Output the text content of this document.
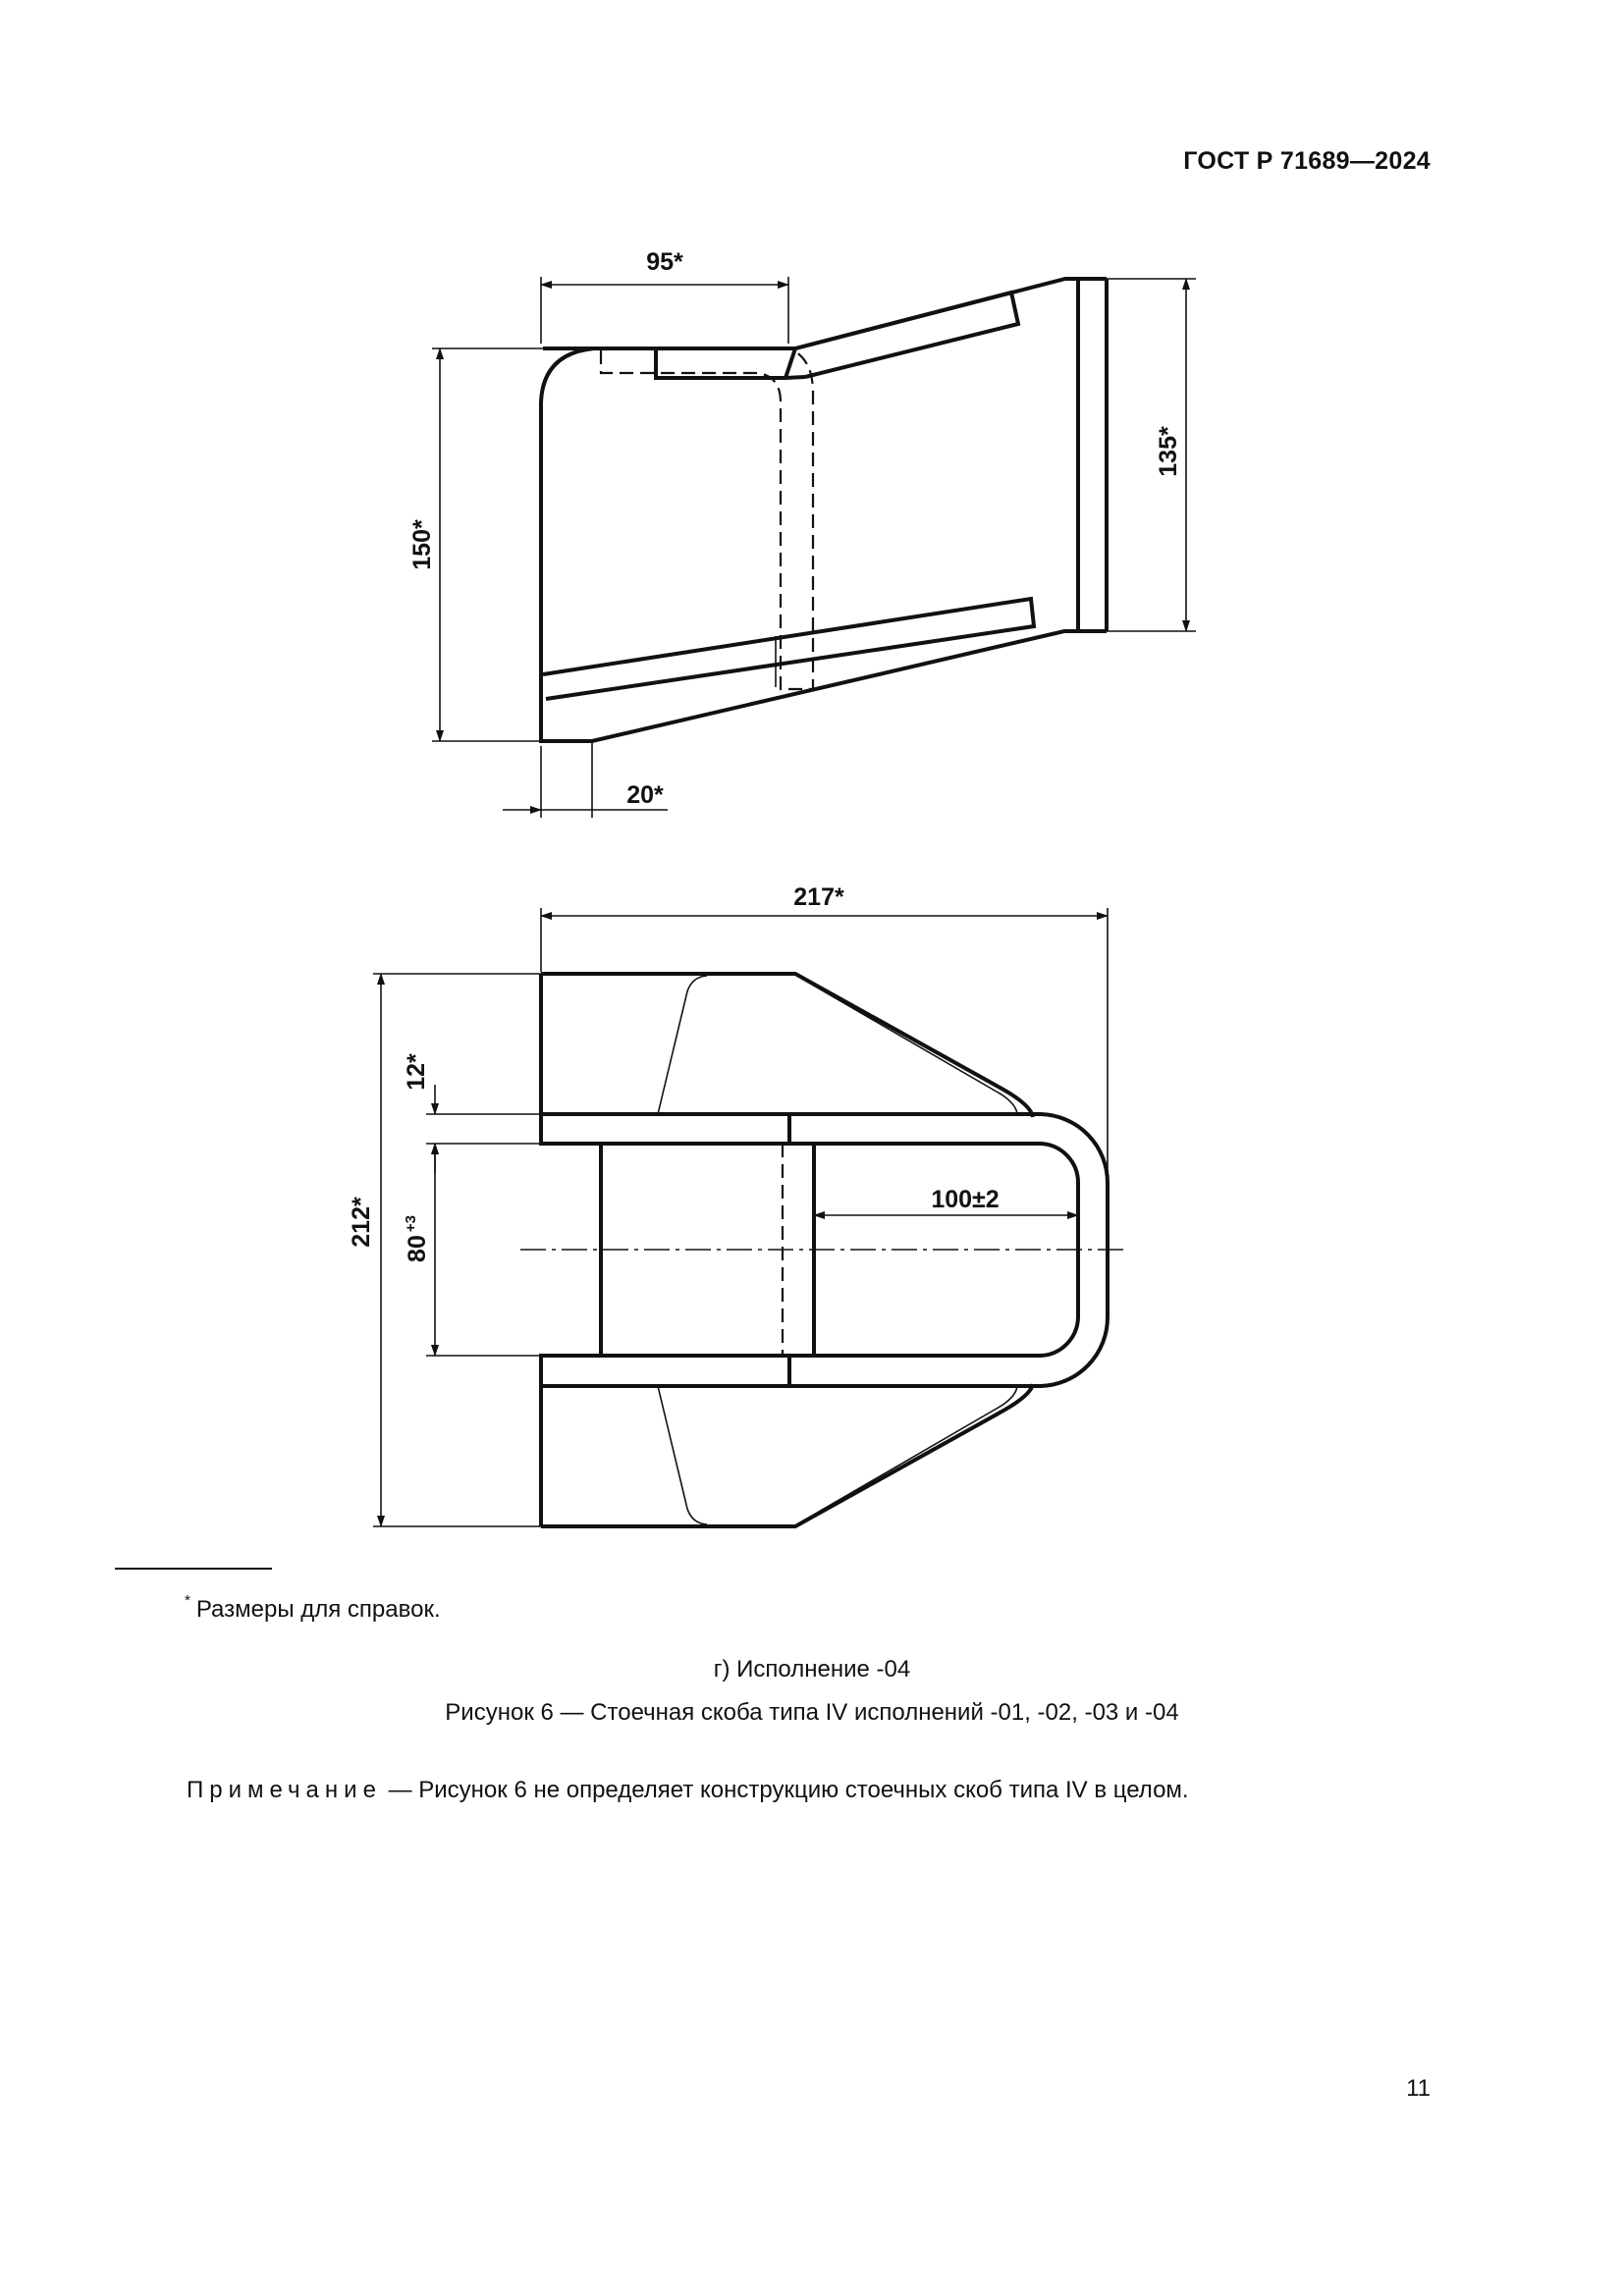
ГОСТ Р 71689—2024
95*
150*
135*
20*
217*
212*
12*
$80^{+3}$
100±2
* Размеры для справок.
г) Исполнение -04
Рисунок 6 — Стоечная скоба типа IV исполнений -01, -02, -03 и -04
Примечание — Рисунок 6 не определяет конструкцию стоечных скоб типа IV в целом.
11
